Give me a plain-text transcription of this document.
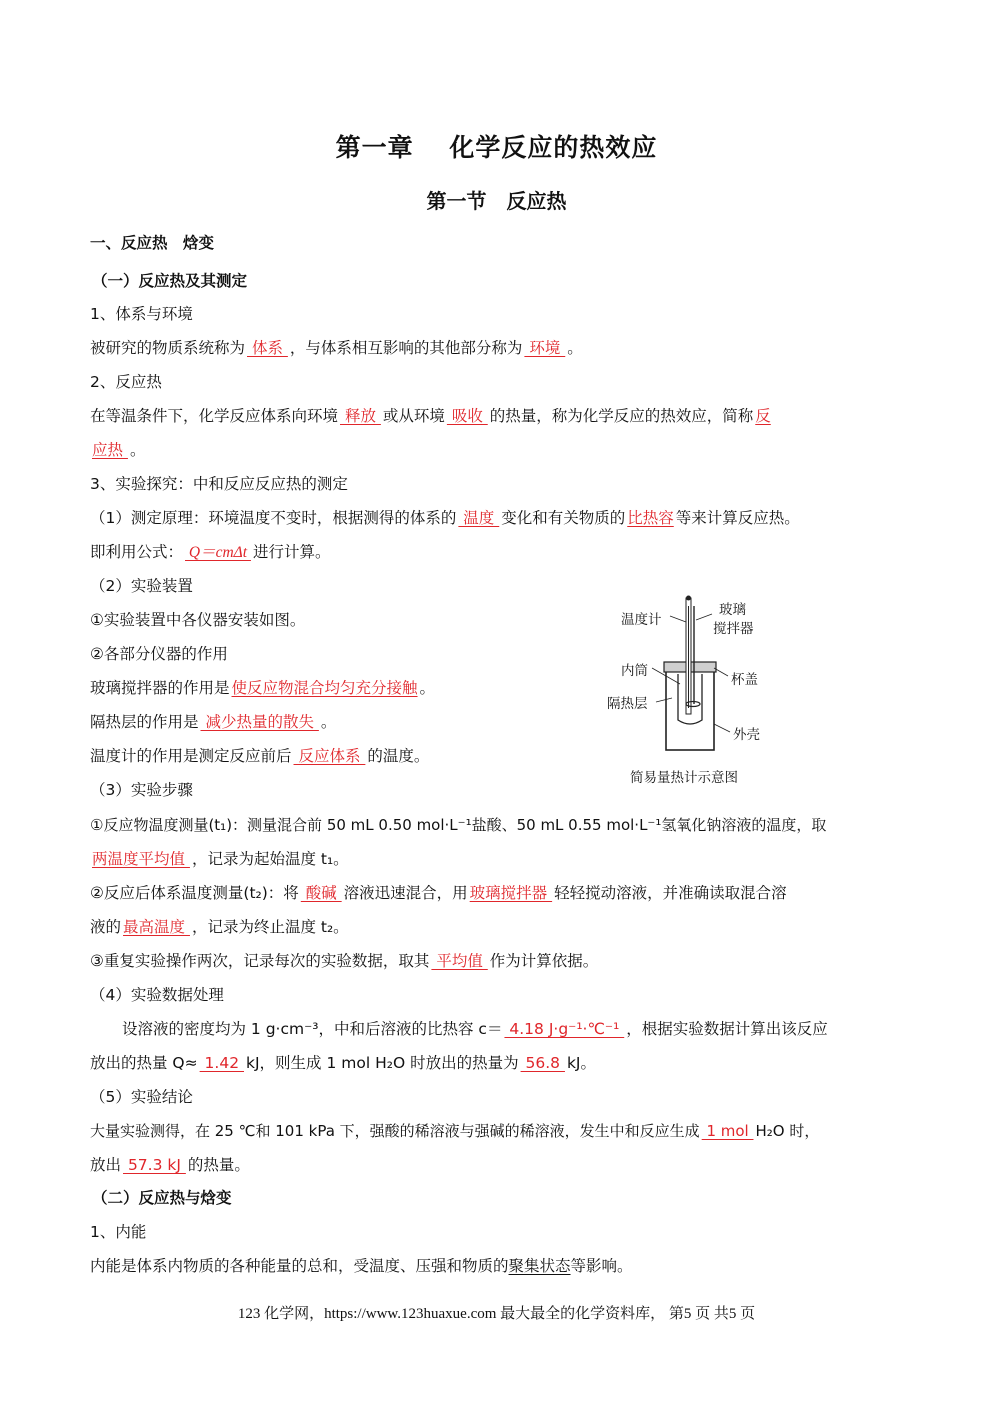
第一章　 化学反应的热效应
第一节　反应热
一、反应热　焓变
（一）反应热及其测定
1、体系与环境
被研究的物质系统称为 体系 ，与体系相互影响的其他部分称为 环境 。
2、反应热
在等温条件下，化学反应体系向环境 释放 或从环境 吸收 的热量，称为化学反应的热效应，简称 反
应热 。
3、实验探究：中和反应反应热的测定
（1）测定原理：环境温度不变时，根据测得的体系的 温度 变化和有关物质的 比热容 等来计算反应热。
即利用公式： Q＝cmΔt 进行计算。
（2）实验装置
①实验装置中各仪器安装如图。
②各部分仪器的作用
玻璃搅拌器的作用是 使反应物混合均匀充分接触 。
隔热层的作用是 减少热量的散失 。
温度计的作用是测定反应前后 反应体系 的温度。
温度计
玻璃
搅拌器
内筒
杯盖
隔热层
外壳
简易量热计示意图
（3）实验步骤
①反应物温度测量(t₁)：测量混合前 50 mL 0.50 mol·L⁻¹盐酸、50 mL 0.55 mol·L⁻¹氢氧化钠溶液的温度，取
两温度平均值 ，记录为起始温度 t₁。
②反应后体系温度测量(t₂)：将 酸碱 溶液迅速混合，用 玻璃搅拌器 轻轻搅动溶液，并准确读取混合溶
液的 最高温度 ，记录为终止温度 t₂。
③重复实验操作两次，记录每次的实验数据，取其 平均值 作为计算依据。
（4）实验数据处理
设溶液的密度均为 1 g·cm⁻³，中和后溶液的比热容 c＝ 4.18 J·g⁻¹·℃⁻¹ ，根据实验数据计算出该反应
放出的热量 Q≈ 1.42 kJ，则生成 1 mol H₂O 时放出的热量为 56.8 kJ。
（5）实验结论
大量实验测得，在 25 ℃和 101 kPa 下，强酸的稀溶液与强碱的稀溶液，发生中和反应生成 1 mol H₂O 时，
放出 57.3 kJ 的热量。
（二）反应热与焓变
1、内能
内能是体系内物质的各种能量的总和，受温度、压强和物质的聚集状态等影响。
123 化学网，https://www.123huaxue.com 最大最全的化学资料库， 第5 页 共5 页
